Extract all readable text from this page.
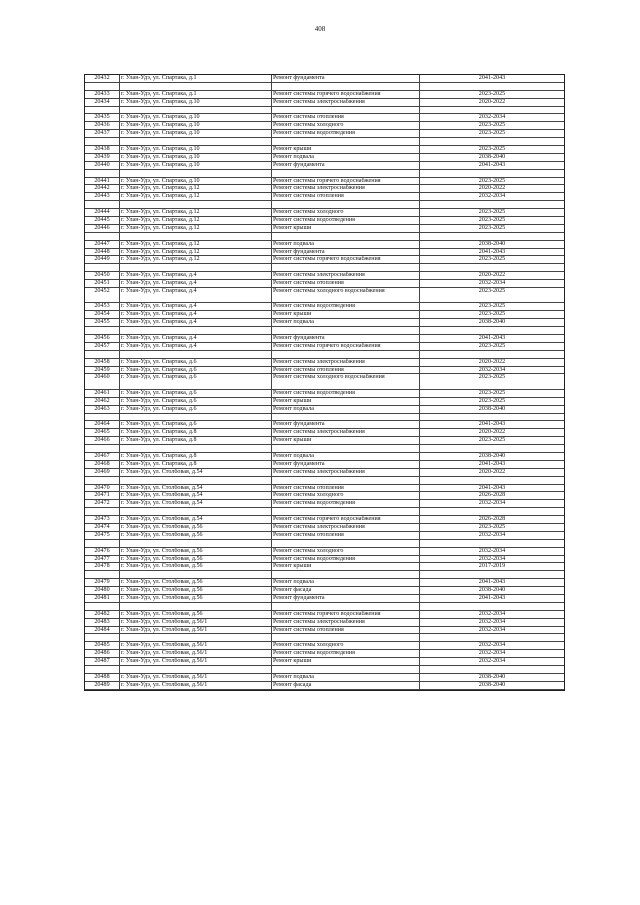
408
20432	г. Улан-Удэ, ул. Спартака, д.1	Ремонт фундамента	2041-2043
20433	г. Улан-Удэ, ул. Спартака, д.1	Ремонт системы горячего водоснабжения	2023-2025
20434	г. Улан-Удэ, ул. Спартака, д.10	Ремонт системы электроснабжения	2020-2022
20435	г. Улан-Удэ, ул. Спартака, д.10	Ремонт системы отопления	2032-2034
20436	г. Улан-Удэ, ул. Спартака, д.10	Ремонт системы холодного	2023-2025
20437	г. Улан-Удэ, ул. Спартака, д.10	Ремонт системы водоотведения	2023-2025
20438	г. Улан-Удэ, ул. Спартака, д.10	Ремонт крыши	2023-2025
20439	г. Улан-Удэ, ул. Спартака, д.10	Ремонт подвала	2038-2040
20440	г. Улан-Удэ, ул. Спартака, д.10	Ремонт фундамента	2041-2043
20441	г. Улан-Удэ, ул. Спартака, д.10	Ремонт системы горячего водоснабжения	2023-2025
20442	г. Улан-Удэ, ул. Спартака, д.12	Ремонт системы электроснабжения	2020-2022
20443	г. Улан-Удэ, ул. Спартака, д.12	Ремонт системы отопления	2032-2034
20444	г. Улан-Удэ, ул. Спартака, д.12	Ремонт системы холодного	2023-2025
20445	г. Улан-Удэ, ул. Спартака, д.12	Ремонт системы водоотведения	2023-2025
20446	г. Улан-Удэ, ул. Спартака, д.12	Ремонт крыши	2023-2025
20447	г. Улан-Удэ, ул. Спартака, д.12	Ремонт подвала	2038-2040
20448	г. Улан-Удэ, ул. Спартака, д.12	Ремонт фундамента	2041-2043
20449	г. Улан-Удэ, ул. Спартака, д.12	Ремонт системы горячего водоснабжения	2023-2025
20450	г. Улан-Удэ, ул. Спартака, д.4	Ремонт системы электроснабжения	2020-2022
20451	г. Улан-Удэ, ул. Спартака, д.4	Ремонт системы отопления	2032-2034
20452	г. Улан-Удэ, ул. Спартака, д.4	Ремонт системы холодного водоснабжения	2023-2025
20453	г. Улан-Удэ, ул. Спартака, д.4	Ремонт системы водоотведения	2023-2025
20454	г. Улан-Удэ, ул. Спартака, д.4	Ремонт крыши	2023-2025
20455	г. Улан-Удэ, ул. Спартака, д.4	Ремонт подвала	2038-2040
20456	г. Улан-Удэ, ул. Спартака, д.4	Ремонт фундамента	2041-2043
20457	г. Улан-Удэ, ул. Спартака, д.4	Ремонт системы горячего водоснабжения	2023-2025
20458	г. Улан-Удэ, ул. Спартака, д.6	Ремонт системы электроснабжения	2020-2022
20459	г. Улан-Удэ, ул. Спартака, д.6	Ремонт системы отопления	2032-2034
20460	г. Улан-Удэ, ул. Спартака, д.6	Ремонт системы холодного водоснабжения	2023-2025
20461	г. Улан-Удэ, ул. Спартака, д.6	Ремонт системы водоотведения	2023-2025
20462	г. Улан-Удэ, ул. Спартака, д.6	Ремонт крыши	2023-2025
20463	г. Улан-Удэ, ул. Спартака, д.6	Ремонт подвала	2038-2040
20464	г. Улан-Удэ, ул. Спартака, д.6	Ремонт фундамента	2041-2043
20465	г. Улан-Удэ, ул. Спартака, д.8	Ремонт системы электроснабжения	2020-2022
20466	г. Улан-Удэ, ул. Спартака, д.8	Ремонт крыши	2023-2025
20467	г. Улан-Удэ, ул. Спартака, д.8	Ремонт подвала	2038-2040
20468	г. Улан-Удэ, ул. Спартака, д.8	Ремонт фундамента	2041-2043
20469	г. Улан-Удэ, ул. Столбовая, д.54	Ремонт системы электроснабжения	2020-2022
20470	г. Улан-Удэ, ул. Столбовая, д.54	Ремонт системы отопления	2041-2043
20471	г. Улан-Удэ, ул. Столбовая, д.54	Ремонт системы холодного	2026-2028
20472	г. Улан-Удэ, ул. Столбовая, д.54	Ремонт системы водоотведения	2032-2034
20473	г. Улан-Удэ, ул. Столбовая, д.54	Ремонт системы горячего водоснабжения	2026-2028
20474	г. Улан-Удэ, ул. Столбовая, д.56	Ремонт системы электроснабжения	2023-2025
20475	г. Улан-Удэ, ул. Столбовая, д.56	Ремонт системы отопления	2032-2034
20476	г. Улан-Удэ, ул. Столбовая, д.56	Ремонт системы холодного	2032-2034
20477	г. Улан-Удэ, ул. Столбовая, д.56	Ремонт системы водоотведения	2032-2034
20478	г. Улан-Удэ, ул. Столбовая, д.56	Ремонт крыши	2017-2019
20479	г. Улан-Удэ, ул. Столбовая, д.56	Ремонт подвала	2041-2043
20480	г. Улан-Удэ, ул. Столбовая, д.56	Ремонт фасада	2038-2040
20481	г. Улан-Удэ, ул. Столбовая, д.56	Ремонт фундамента	2041-2043
20482	г. Улан-Удэ, ул. Столбовая, д.56	Ремонт системы горячего водоснабжения	2032-2034
20483	г. Улан-Удэ, ул. Столбовая, д.56/1	Ремонт системы электроснабжения	2032-2034
20484	г. Улан-Удэ, ул. Столбовая, д.56/1	Ремонт системы отопления	2032-2034
20485	г. Улан-Удэ, ул. Столбовая, д.56/1	Ремонт системы холодного	2032-2034
20486	г. Улан-Удэ, ул. Столбовая, д.56/1	Ремонт системы водоотведения	2032-2034
20487	г. Улан-Удэ, ул. Столбовая, д.56/1	Ремонт крыши	2032-2034
20488	г. Улан-Удэ, ул. Столбовая, д.56/1	Ремонт подвала	2038-2040
20489	г. Улан-Удэ, ул. Столбовая, д.56/1	Ремонт фасада	2038-2040
